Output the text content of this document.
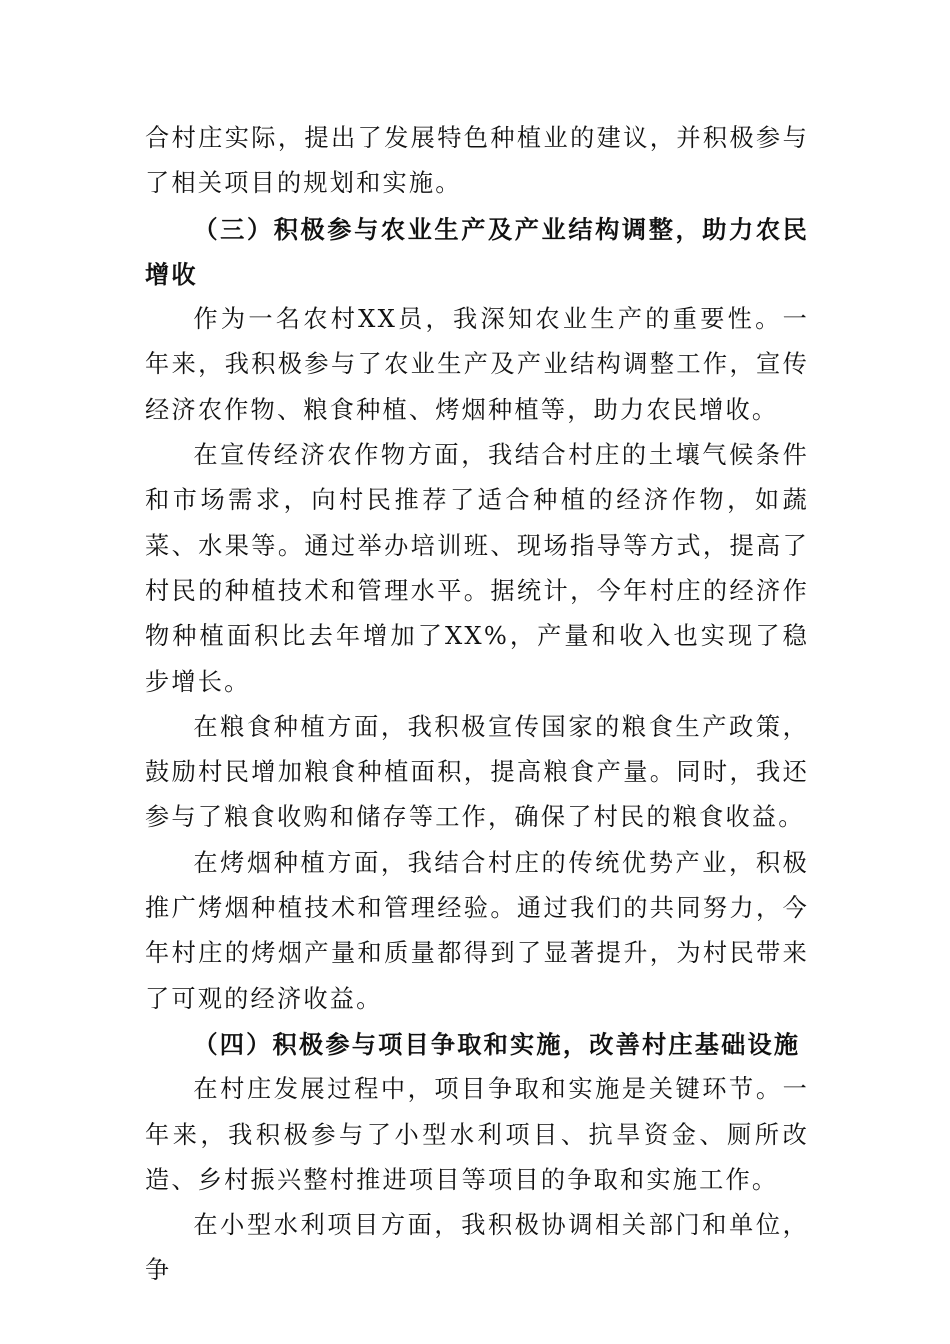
合村庄实际，提出了发展特色种植业的建议，并积极参与了相关项目的规划和实施。

（三）积极参与农业生产及产业结构调整，助力农民增收

作为一名农村XX员，我深知农业生产的重要性。一年来，我积极参与了农业生产及产业结构调整工作，宣传经济农作物、粮食种植、烤烟种植等，助力农民增收。

在宣传经济农作物方面，我结合村庄的土壤气候条件和市场需求，向村民推荐了适合种植的经济作物，如蔬菜、水果等。通过举办培训班、现场指导等方式，提高了村民的种植技术和管理水平。据统计，今年村庄的经济作物种植面积比去年增加了XX%，产量和收入也实现了稳步增长。

在粮食种植方面，我积极宣传国家的粮食生产政策，鼓励村民增加粮食种植面积，提高粮食产量。同时，我还参与了粮食收购和储存等工作，确保了村民的粮食收益。

在烤烟种植方面，我结合村庄的传统优势产业，积极推广烤烟种植技术和管理经验。通过我们的共同努力，今年村庄的烤烟产量和质量都得到了显著提升，为村民带来了可观的经济收益。

（四）积极参与项目争取和实施，改善村庄基础设施

在村庄发展过程中，项目争取和实施是关键环节。一年来，我积极参与了小型水利项目、抗旱资金、厕所改造、乡村振兴整村推进项目等项目的争取和实施工作。

在小型水利项目方面，我积极协调相关部门和单位，争
